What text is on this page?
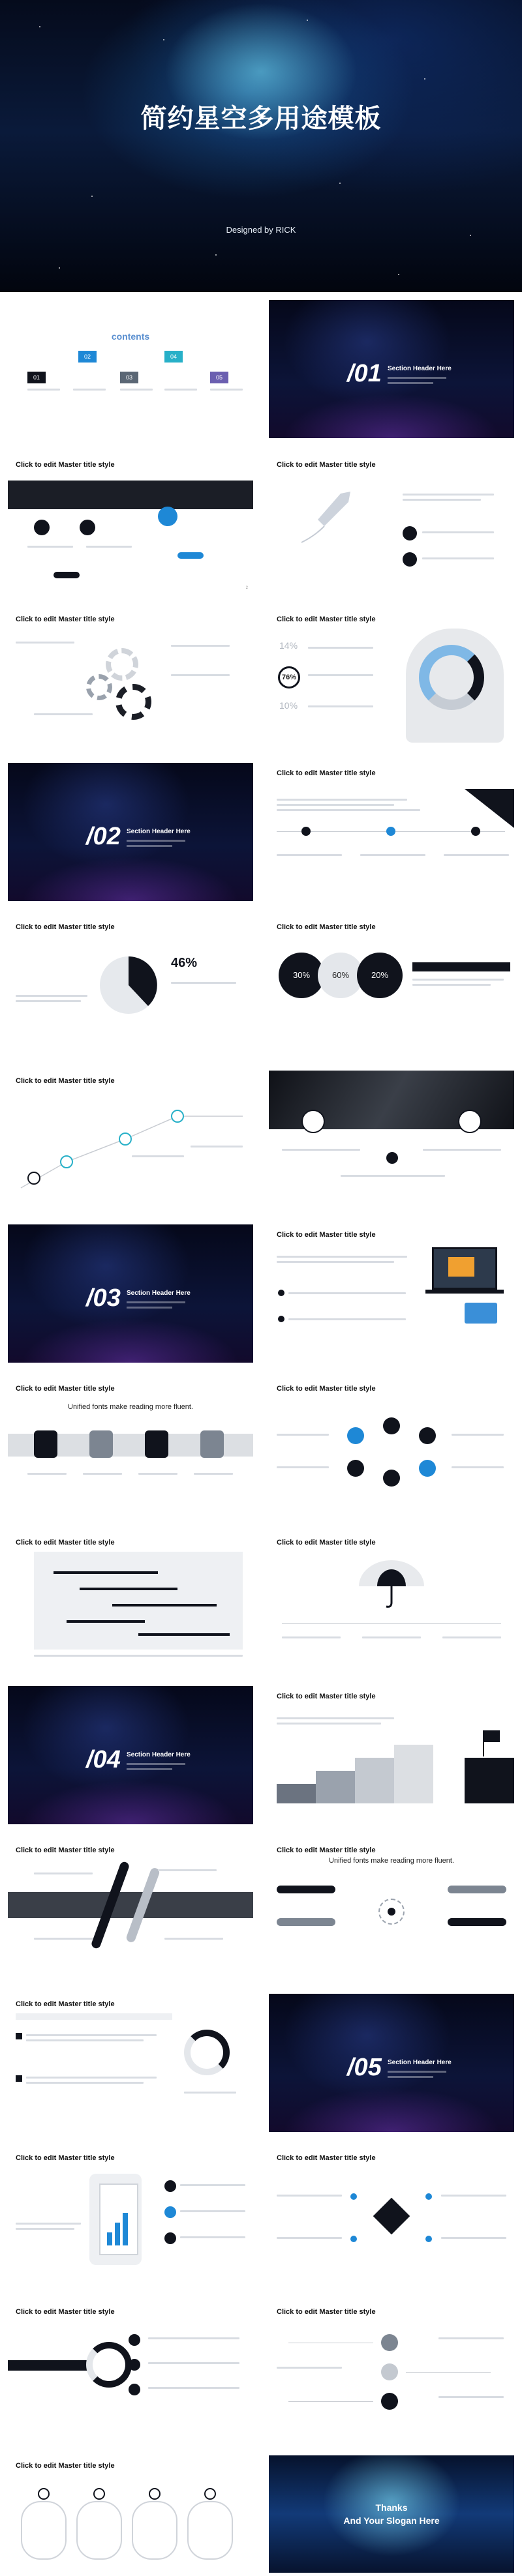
简约星空多用途模板
Designed by RICK
contents
01
02
03
04
05	/01 Section Header Here
Click to edit Master title style
2
Click to edit Master title style
Click to edit Master title style	Click to edit Master title style
14%
76%
10%
/02 Section Header Here
Click to edit Master title style
Click to edit Master title style
46%
Click to edit Master title style
30%	60%	20%
Click to edit Master title style
/03 Section Header Here
Click to edit Master title style
Click to edit Master title style
Unified fonts make reading more fluent.
Click to edit Master title style
Click to edit Master title style	Click to edit Master title style
/04 Section Header Here
Click to edit Master title style
Click to edit Master title style	Click to edit Master title style
Unified fonts make reading more fluent.
Click to edit Master title style
/05 Section Header Here
Click to edit Master title style	Click to edit Master title style
Click to edit Master title style	Click to edit Master title style
Click to edit Master title style
Thanks
And Your Slogan Here
